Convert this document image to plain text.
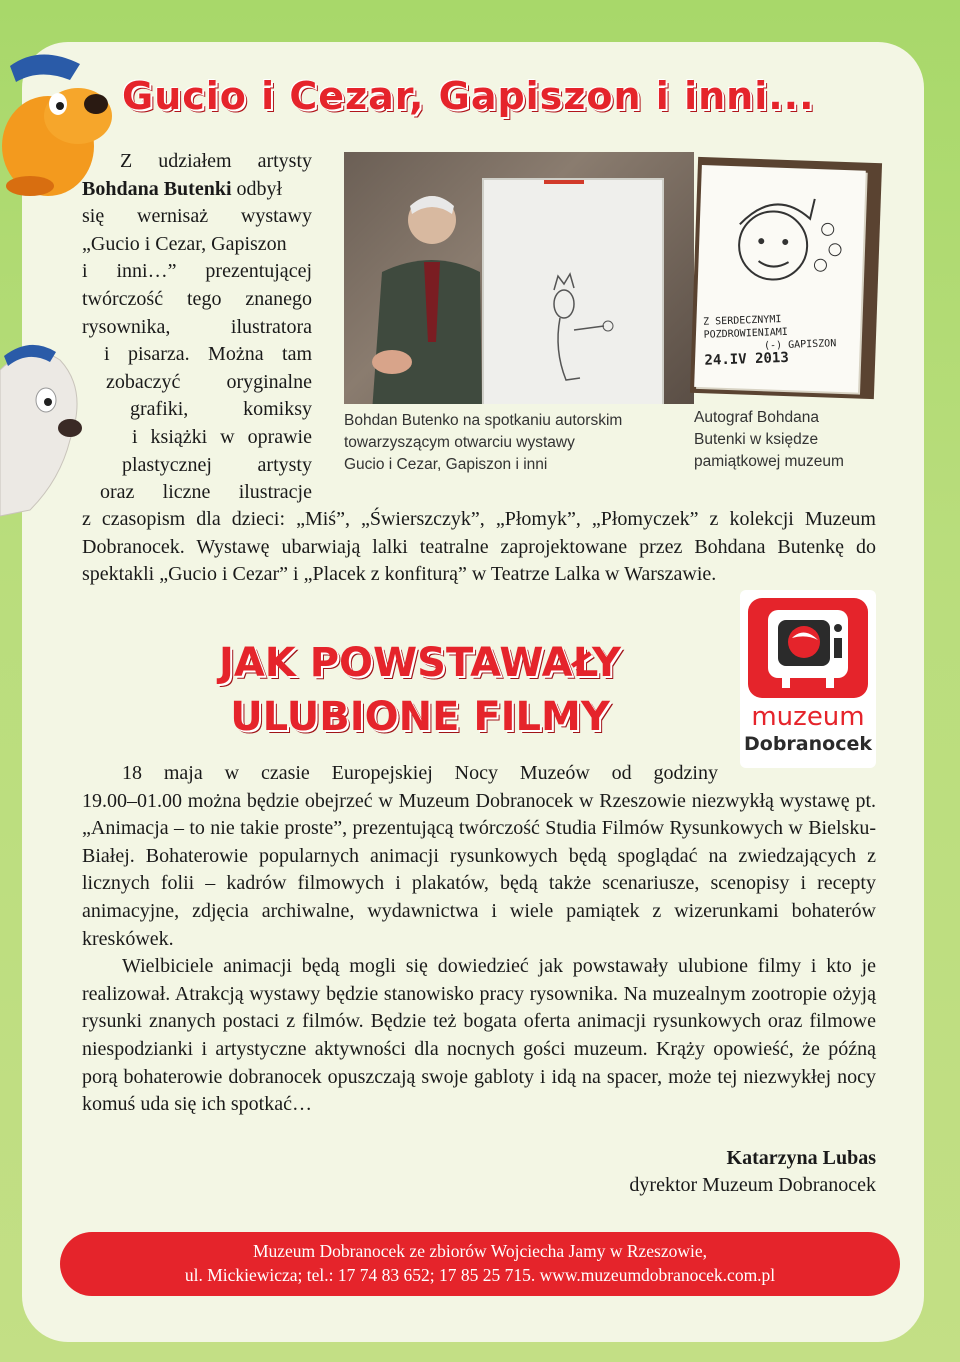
Gucio i Cezar, Gapiszon i inni...

Z udziałem artysty

Bohdana Butenki odbył

się wernisaż wystawy

„Gucio i Cezar, Gapiszon

i inni…” prezentującej

twórczość tego znanego

rysownika, ilustratora

i pisarza. Można tam

zobaczyć oryginalne

grafiki, komiksy

i książki w oprawie

plastycznej artysty

oraz liczne ilustracje

Bohdan Butenko na spotkaniu autorskim

towarzyszącym otwarciu wystawy

Gucio i Cezar, Gapiszon i inni

Z SERDECZNYMI
POZDROWIENIAMI
(-) GAPISZON
24.IV 2013

Autograf Bohdana

Butenki w księdze

pamiątkowej muzeum

z czasopism dla dzieci: „Miś”, „Świerszczyk”, „Płomyk”, „Płomyczek” z kolekcji Muzeum Dobranocek. Wystawę ubarwiają lalki teatralne zaprojektowane przez Bohdana Butenkę do spektakli „Gucio i Cezar” i „Placek z konfiturą” w Teatrze Lalka w Warszawie.

JAK POWSTAWAŁY
ULUBIONE FILMY	muzeum

Dobranocek

18 maja w czasie Europejskiej Nocy Muzeów od godziny

19.00–01.00 można będzie obejrzeć w Muzeum Dobranocek w Rzeszowie niezwykłą wystawę pt. „Animacja – to nie takie proste”, prezentującą twórczość Studia Filmów Rysunkowych w Bielsku-Białej. Bohaterowie popularnych animacji rysunkowych będą spoglądać na zwiedzających z licznych folii – kadrów filmowych i plakatów, będą także scenariusze, scenopisy i recepty animacyjne, zdjęcia archiwalne, wydawnictwa i wiele pamiątek z wizerunkami bohaterów kreskówek.

Wielbiciele animacji będą mogli się dowiedzieć jak powstawały ulubione filmy i kto je realizował. Atrakcją wystawy będzie stanowisko pracy rysownika. Na muzealnym zootropie ożyją rysunki znanych postaci z filmów. Będzie też bogata oferta animacji rysunkowych oraz filmowe niespodzianki i artystyczne aktywności dla nocnych gości muzeum. Krąży opowieść, że późną porą bohaterowie dobranocek opuszczają swoje gabloty i idą na spacer, może tej niezwykłej nocy komuś uda się ich spotkać…

Katarzyna Lubas

dyrektor Muzeum Dobranocek

Muzeum Dobranocek ze zbiorów Wojciecha Jamy w Rzeszowie,

ul. Mickiewicza; tel.: 17 74 83 652; 17 85 25 715. www.muzeumdobranocek.com.pl
